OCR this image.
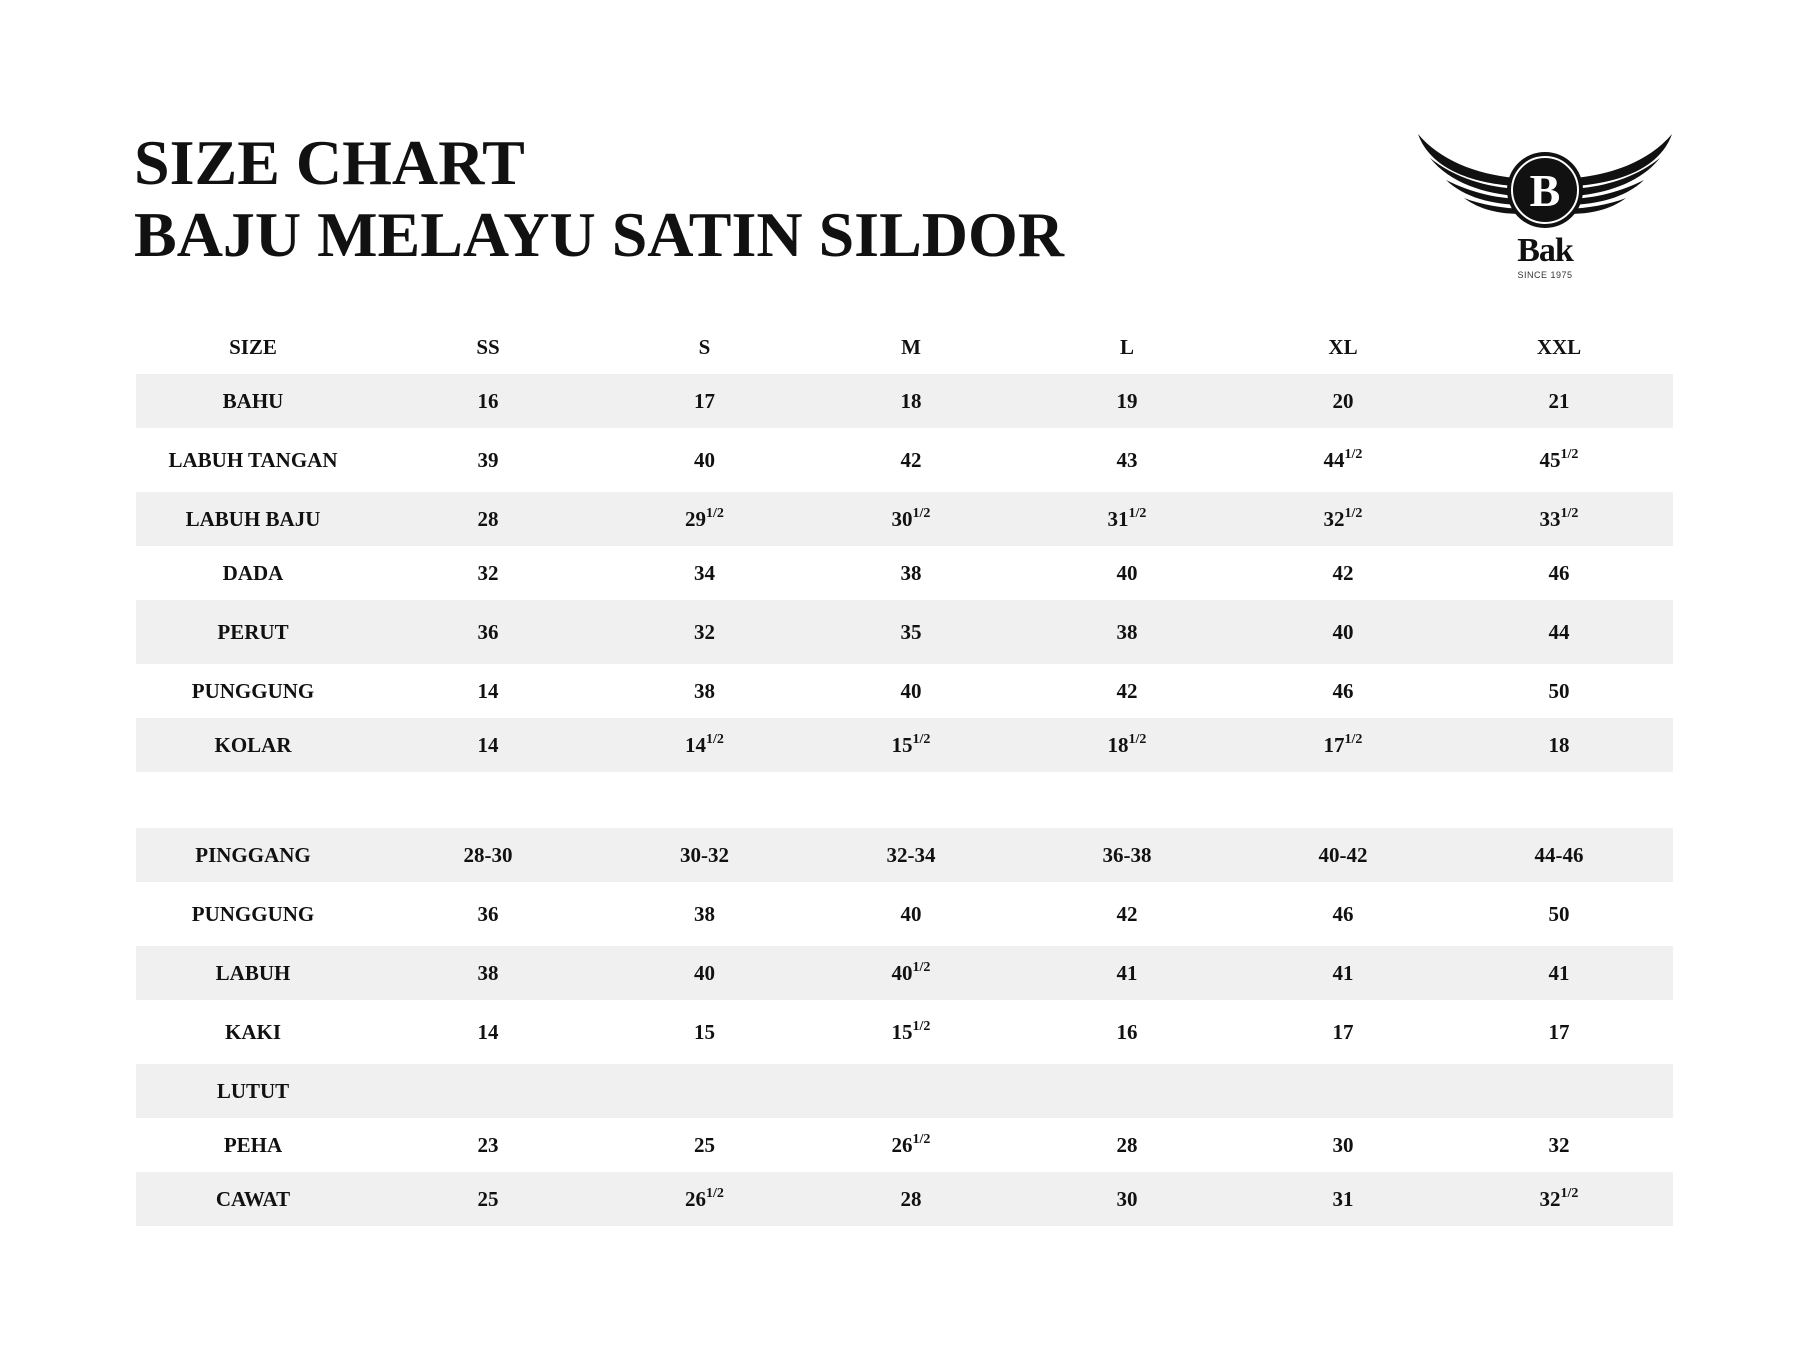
SIZE CHART
BAJU MELAYU SATIN SILDOR
B
Bak
SINCE 1975
SIZE	SS	S	M	L	XL	XXL
BAHU	16	17	18	19	20	21
LABUH TANGAN	39	40	42	43	$44^{1/2}$	$45^{1/2}$
LABUH BAJU	28	$29^{1/2}$	$30^{1/2}$	$31^{1/2}$	$32^{1/2}$	$33^{1/2}$
DADA	32	34	38	40	42	46
PERUT	36	32	35	38	40	44
PUNGGUNG	14	38	40	42	46	50
KOLAR	14	$14^{1/2}$	$15^{1/2}$	$18^{1/2}$	$17^{1/2}$	18
PINGGANG	28-30	30-32	32-34	36-38	40-42	44-46
PUNGGUNG	36	38	40	42	46	50
LABUH	38	40	$40^{1/2}$	41	41	41
KAKI	14	15	$15^{1/2}$	16	17	17
LUTUT
PEHA	23	25	$26^{1/2}$	28	30	32
CAWAT	25	$26^{1/2}$	28	30	31	$32^{1/2}$
